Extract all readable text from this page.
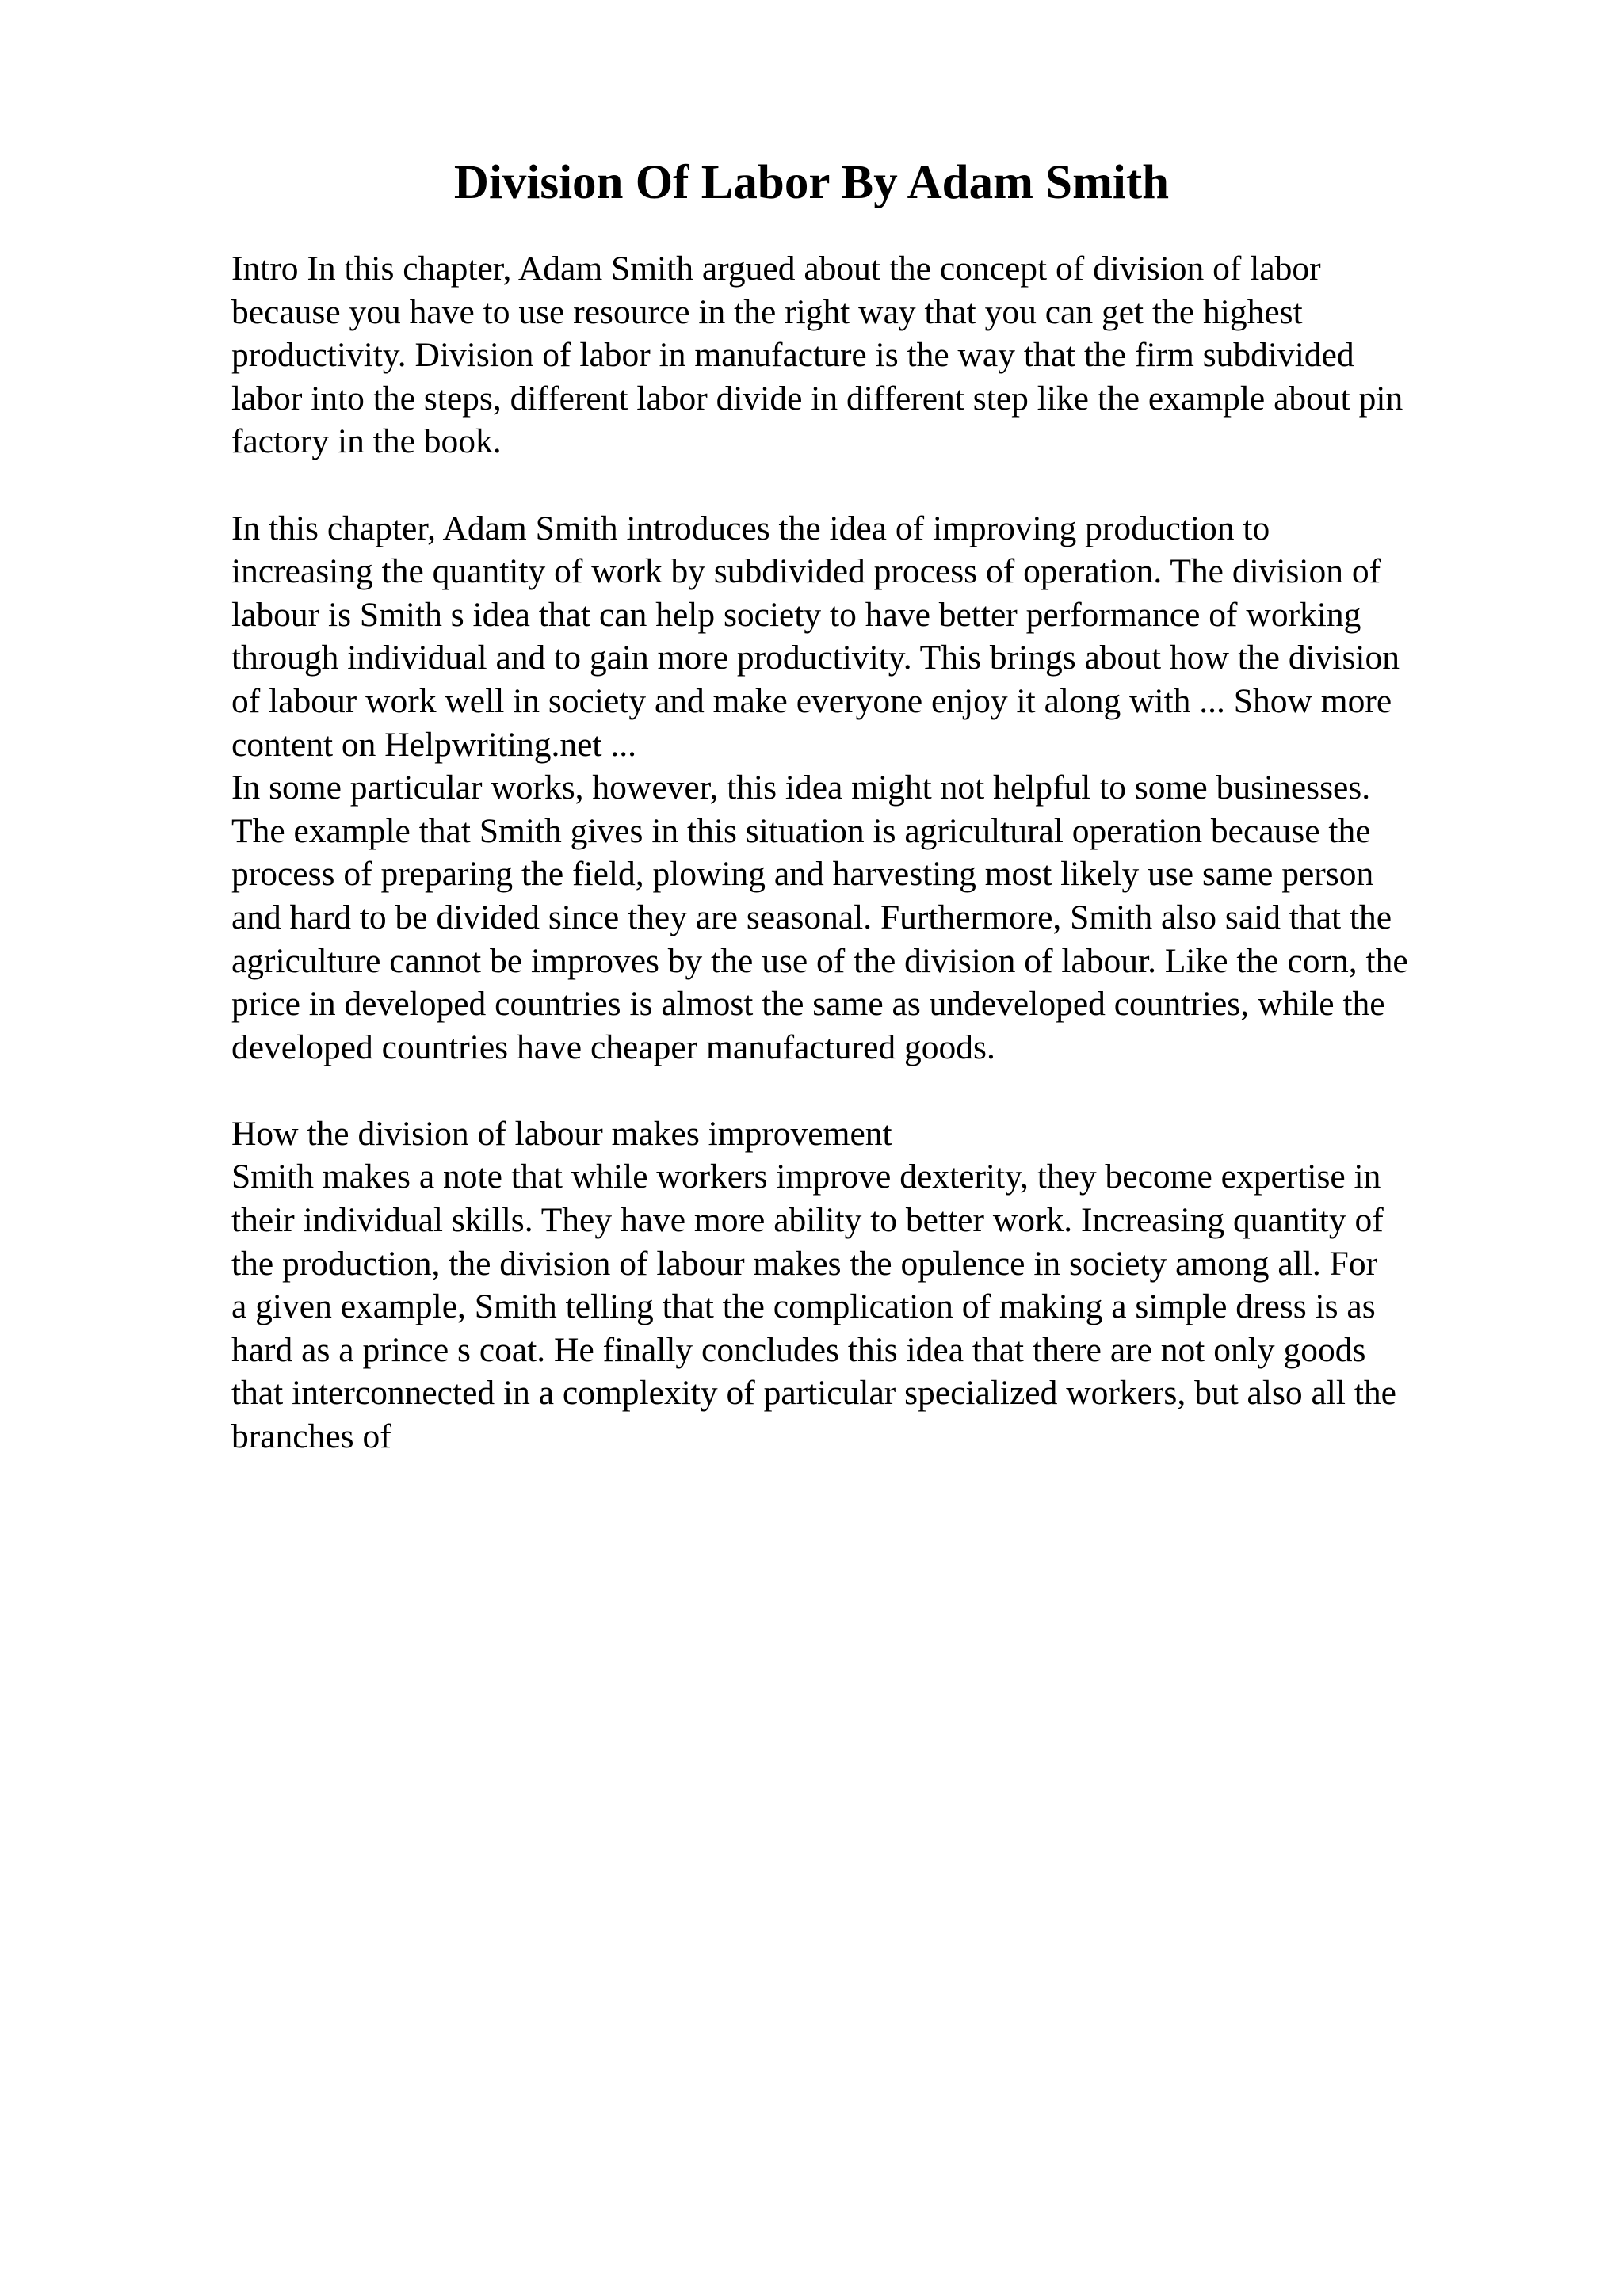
Division Of Labor By Adam Smith
Intro In this chapter, Adam Smith argued about the concept of division of labor
because you have to use resource in the right way that you can get the highest
productivity. Division of labor in manufacture is the way that the firm subdivided
labor into the steps, different labor divide in different step like the example about pin
factory in the book.
In this chapter, Adam Smith introduces the idea of improving production to
increasing the quantity of work by subdivided process of operation. The division of
labour is Smith s idea that can help society to have better performance of working
through individual and to gain more productivity. This brings about how the division
of labour work well in society and make everyone enjoy it along with ... Show more
content on Helpwriting.net ...
In some particular works, however, this idea might not helpful to some businesses.
The example that Smith gives in this situation is agricultural operation because the
process of preparing the field, plowing and harvesting most likely use same person
and hard to be divided since they are seasonal. Furthermore, Smith also said that the
agriculture cannot be improves by the use of the division of labour. Like the corn, the
price in developed countries is almost the same as undeveloped countries, while the
developed countries have cheaper manufactured goods.
How the division of labour makes improvement
Smith makes a note that while workers improve dexterity, they become expertise in
their individual skills. They have more ability to better work. Increasing quantity of
the production, the division of labour makes the opulence in society among all. For
a given example, Smith telling that the complication of making a simple dress is as
hard as a prince s coat. He finally concludes this idea that there are not only goods
that interconnected in a complexity of particular specialized workers, but also all the
branches of
